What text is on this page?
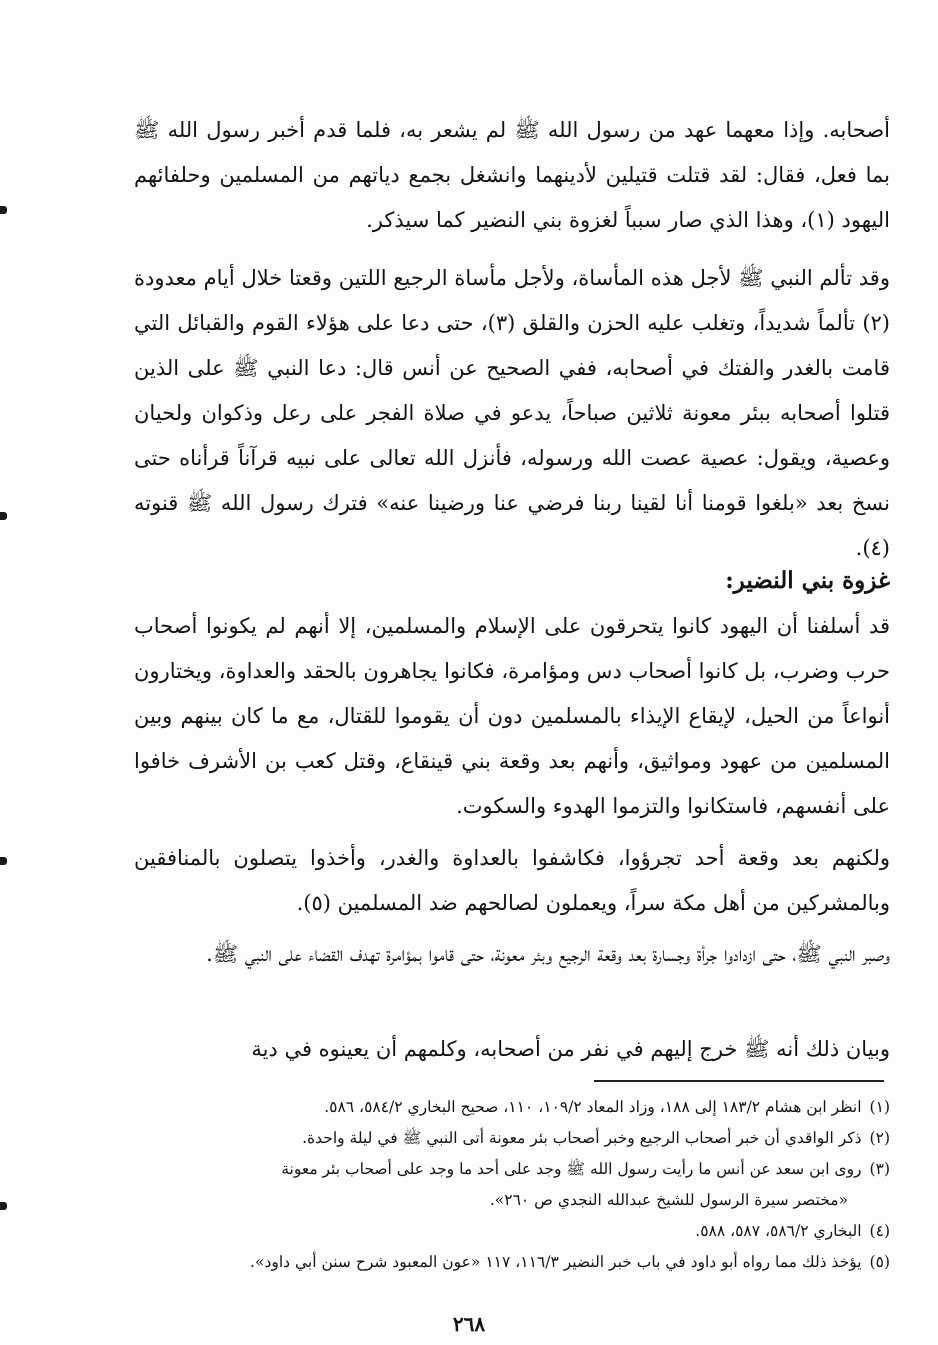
أصحابه. وإذا معهما عهد من رسول الله ﷺ لم يشعر به، فلما قدم أخبر رسول الله ﷺ بما فعل، فقال: لقد قتلت قتيلين لأدينهما وانشغل بجمع دياتهم من المسلمين وحلفائهم اليهود (١)، وهذا الذي صار سبباً لغزوة بني النضير كما سيذكر.

وقد تألم النبي ﷺ لأجل هذه المأساة، ولأجل مأساة الرجيع اللتين وقعتا خلال أيام معدودة (٢) تألماً شديداً، وتغلب عليه الحزن والقلق (٣)، حتى دعا على هؤلاء القوم والقبائل التي قامت بالغدر والفتك في أصحابه، ففي الصحيح عن أنس قال: دعا النبي ﷺ على الذين قتلوا أصحابه ببئر معونة ثلاثين صباحاً، يدعو في صلاة الفجر على رعل وذكوان ولحيان وعصية، ويقول: عصية عصت الله ورسوله، فأنزل الله تعالى على نبيه قرآناً قرأناه حتى نسخ بعد «بلغوا قومنا أنا لقينا ربنا فرضي عنا ورضينا عنه» فترك رسول الله ﷺ قنوته (٤).

غزوة بني النضير:

قد أسلفنا أن اليهود كانوا يتحرقون على الإسلام والمسلمين، إلا أنهم لم يكونوا أصحاب حرب وضرب، بل كانوا أصحاب دس ومؤامرة، فكانوا يجاهرون بالحقد والعداوة، ويختارون أنواعاً من الحيل، لإيقاع الإيذاء بالمسلمين دون أن يقوموا للقتال، مع ما كان بينهم وبين المسلمين من عهود ومواثيق، وأنهم بعد وقعة بني قينقاع، وقتل كعب بن الأشرف خافوا على أنفسهم، فاستكانوا والتزموا الهدوء والسكوت.

ولكنهم بعد وقعة أحد تجرؤوا، فكاشفوا بالعداوة والغدر، وأخذوا يتصلون بالمنافقين وبالمشركين من أهل مكة سراً، ويعملون لصالحهم ضد المسلمين (٥).

وصبر النبي ﷺ، حتى ازدادوا جرأة وجسارة بعد وقعة الرجيع وبئر معونة، حتى قاموا بمؤامرة تهدف القضاء على النبي ﷺ.

وبيان ذلك أنه ﷺ خرج إليهم في نفر من أصحابه، وكلمهم أن يعينوه في دية

(١)انظر ابن هشام ١٨٣/٢ إلى ١٨٨، وزاد المعاد ١٠٩/٢، ١١٠، صحيح البخاري ٥٨٤/٢، ٥٨٦.
(٢)ذكر الواقدي أن خبر أصحاب الرجيع وخبر أصحاب بئر معونة أتى النبي ﷺ في ليلة واحدة.
(٣)روى ابن سعد عن أنس ما رأيت رسول الله ﷺ وجد على أحد ما وجد على أصحاب بئر معونة
«مختصر سيرة الرسول للشيخ عبدالله النجدي ص ٢٦٠».
(٤)البخاري ٥٨٦/٢، ٥٨٧، ٥٨٨.
(٥)يؤخذ ذلك مما رواه أبو داود في باب خبر النضير ١١٦/٣، ١١٧ «عون المعبود شرح سنن أبي داود».
٢٦٨
